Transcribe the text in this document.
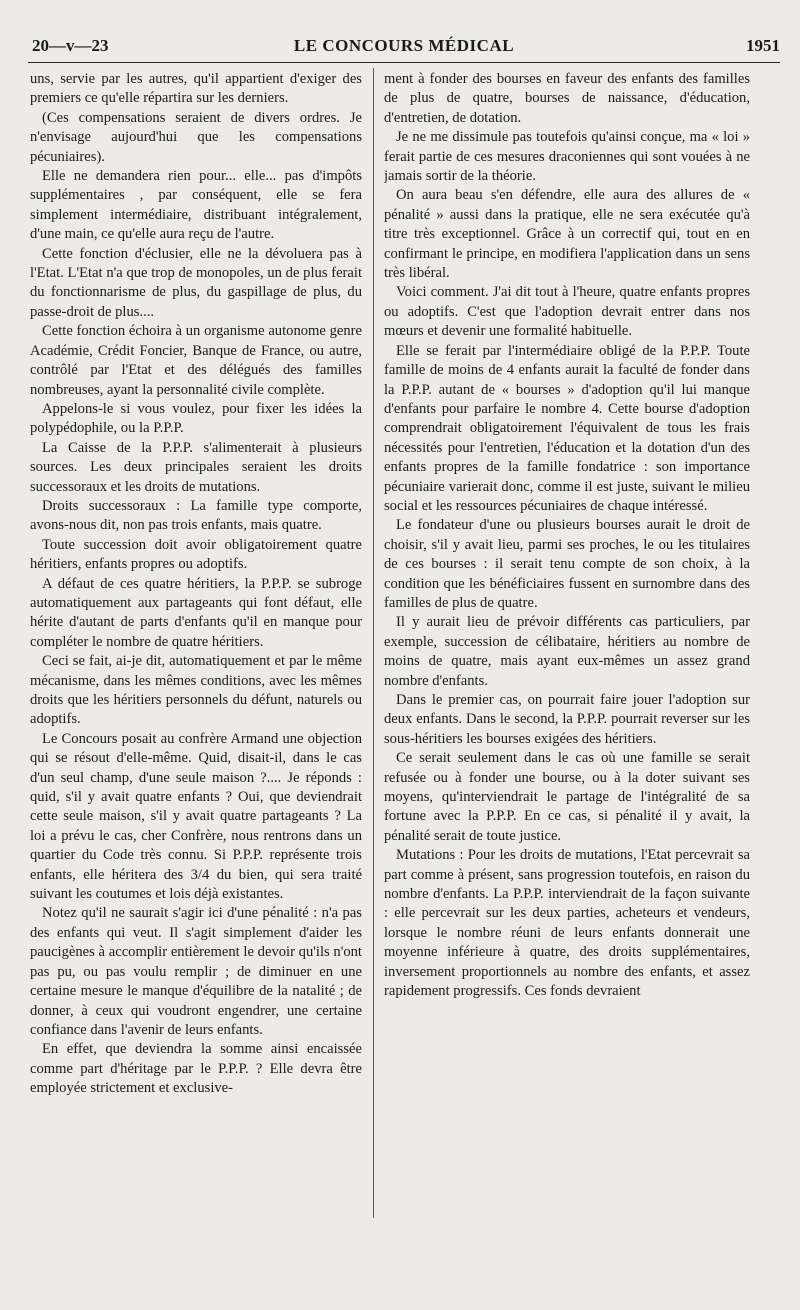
20—v—23	LE CONCOURS MÉDICAL	1951

uns, servie par les autres, qu'il appartient d'exiger des premiers ce qu'elle répartira sur les derniers.

(Ces compensations seraient de divers ordres. Je n'envisage aujourd'hui que les compensations pécuniaires).

Elle ne demandera rien pour... elle... pas d'impôts supplémentaires , par conséquent, elle se fera simplement intermédiaire, distribuant intégralement, d'une main, ce qu'elle aura reçu de l'autre.

Cette fonction d'éclusier, elle ne la dévoluera pas à l'Etat. L'Etat n'a que trop de monopoles, un de plus ferait du fonctionnarisme de plus, du gaspillage de plus, du passe-droit de plus....

Cette fonction échoira à un organisme autonome genre Académie, Crédit Foncier, Banque de France, ou autre, contrôlé par l'Etat et des délégués des familles nombreuses, ayant la personnalité civile complète.

Appelons-le si vous voulez, pour fixer les idées la polypédophile, ou la P.P.P.

La Caisse de la P.P.P. s'alimenterait à plusieurs sources. Les deux principales seraient les droits successoraux et les droits de mutations.

Droits successoraux : La famille type comporte, avons-nous dit, non pas trois enfants, mais quatre.

Toute succession doit avoir obligatoirement quatre héritiers, enfants propres ou adoptifs.

A défaut de ces quatre héritiers, la P.P.P. se subroge automatiquement aux partageants qui font défaut, elle hérite d'autant de parts d'enfants qu'il en manque pour compléter le nombre de quatre héritiers.

Ceci se fait, ai-je dit, automatiquement et par le même mécanisme, dans les mêmes conditions, avec les mêmes droits que les héritiers personnels du défunt, naturels ou adoptifs.

Le Concours posait au confrère Armand une objection qui se résout d'elle-même. Quid, disait-il, dans le cas d'un seul champ, d'une seule maison ?.... Je réponds : quid, s'il y avait quatre enfants ? Oui, que deviendrait cette seule maison, s'il y avait quatre partageants ? La loi a prévu le cas, cher Confrère, nous rentrons dans un quartier du Code très connu. Si P.P.P. représente trois enfants, elle héritera des 3/4 du bien, qui sera traité suivant les coutumes et lois déjà existantes.

Notez qu'il ne saurait s'agir ici d'une pénalité : n'a pas des enfants qui veut. Il s'agit simplement d'aider les paucigènes à accomplir entièrement le devoir qu'ils n'ont pas pu, ou pas voulu remplir ; de diminuer en une certaine mesure le manque d'équilibre de la natalité ; de donner, à ceux qui voudront engendrer, une certaine confiance dans l'avenir de leurs enfants.

En effet, que deviendra la somme ainsi encaissée comme part d'héritage par le P.P.P. ? Elle devra être employée strictement et exclusive-

ment à fonder des bourses en faveur des enfants des familles de plus de quatre, bourses de naissance, d'éducation, d'entretien, de dotation.

Je ne me dissimule pas toutefois qu'ainsi conçue, ma « loi » ferait partie de ces mesures draconiennes qui sont vouées à ne jamais sortir de la théorie.

On aura beau s'en défendre, elle aura des allures de « pénalité » aussi dans la pratique, elle ne sera exécutée qu'à titre très exceptionnel. Grâce à un correctif qui, tout en en confirmant le principe, en modifiera l'application dans un sens très libéral.

Voici comment. J'ai dit tout à l'heure, quatre enfants propres ou adoptifs. C'est que l'adoption devrait entrer dans nos mœurs et devenir une formalité habituelle.

Elle se ferait par l'intermédiaire obligé de la P.P.P. Toute famille de moins de 4 enfants aurait la faculté de fonder dans la P.P.P. autant de « bourses » d'adoption qu'il lui manque d'enfants pour parfaire le nombre 4. Cette bourse d'adoption comprendrait obligatoirement l'équivalent de tous les frais nécessités pour l'entretien, l'éducation et la dotation d'un des enfants propres de la famille fondatrice : son importance pécuniaire varierait donc, comme il est juste, suivant le milieu social et les ressources pécuniaires de chaque intéressé.

Le fondateur d'une ou plusieurs bourses aurait le droit de choisir, s'il y avait lieu, parmi ses proches, le ou les titulaires de ces bourses : il serait tenu compte de son choix, à la condition que les bénéficiaires fussent en surnombre dans des familles de plus de quatre.

Il y aurait lieu de prévoir différents cas particuliers, par exemple, succession de célibataire, héritiers au nombre de moins de quatre, mais ayant eux-mêmes un assez grand nombre d'enfants.

Dans le premier cas, on pourrait faire jouer l'adoption sur deux enfants. Dans le second, la P.P.P. pourrait reverser sur les sous-héritiers les bourses exigées des héritiers.

Ce serait seulement dans le cas où une famille se serait refusée ou à fonder une bourse, ou à la doter suivant ses moyens, qu'interviendrait le partage de l'intégralité de sa fortune avec la P.P.P. En ce cas, si pénalité il y avait, la pénalité serait de toute justice.

Mutations : Pour les droits de mutations, l'Etat percevrait sa part comme à présent, sans progression toutefois, en raison du nombre d'enfants. La P.P.P. interviendrait de la façon suivante : elle percevrait sur les deux parties, acheteurs et vendeurs, lorsque le nombre réuni de leurs enfants donnerait une moyenne inférieure à quatre, des droits supplémentaires, inversement proportionnels au nombre des enfants, et assez rapidement progressifs. Ces fonds devraient
